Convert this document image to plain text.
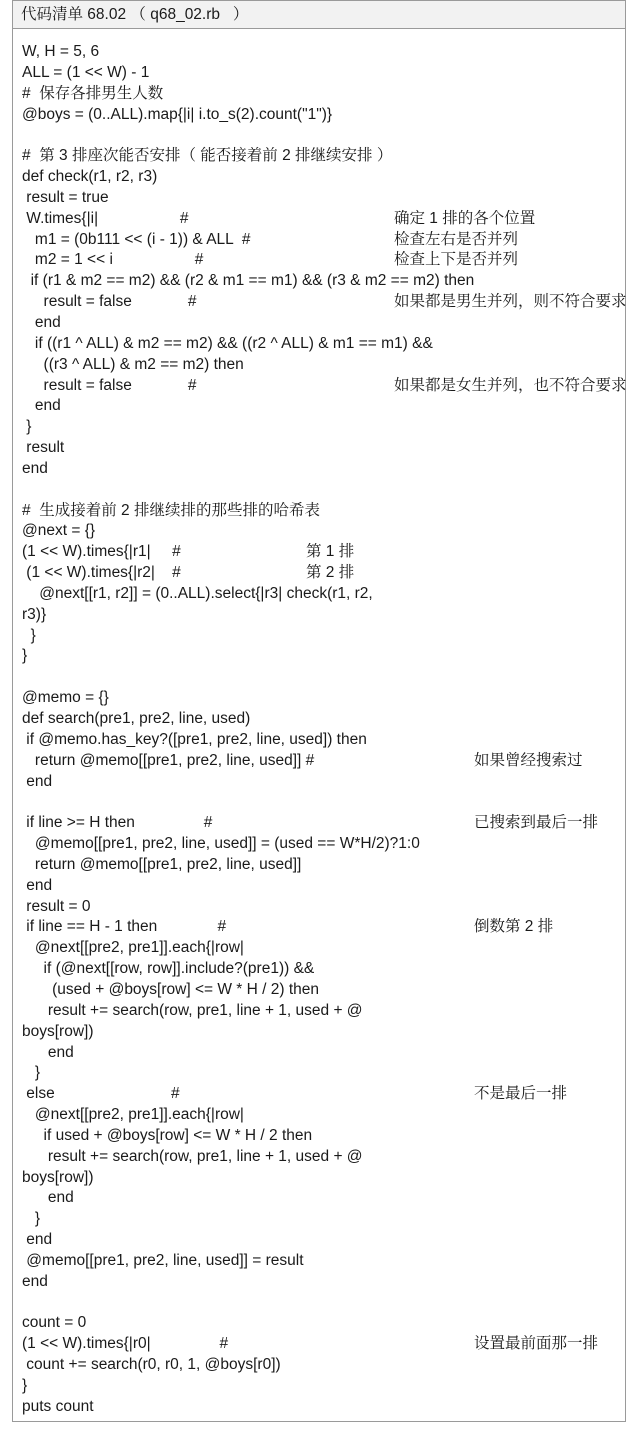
代码清单 68.02 （ q68_02.rb   ）
W, H = 5, 6
ALL = (1 << W) - 1
#  保存各排男生人数
@boys = (0..ALL).map{|i| i.to_s(2).count("1")}
#  第 3 排座次能否安排（ 能否接着前 2 排继续安排 ）
def check(r1, r2, r3)
result = true
W.times{|i|                   #	确定 1 排的各个位置
m1 = (0b111 << (i - 1)) & ALL  #	检查左右是否并列
m2 = 1 << i                   #	检查上下是否并列
if (r1 & m2 == m2) && (r2 & m1 == m1) && (r3 & m2 == m2) then
result = false             #	如果都是男生并列，则不符合要求
end
if ((r1 ^ ALL) & m2 == m2) && ((r2 ^ ALL) & m1 == m1) &&
((r3 ^ ALL) & m2 == m2) then
result = false             #	如果都是女生并列，也不符合要求
end
}
result
end
#  生成接着前 2 排继续排的那些排的哈希表
@next = {}
(1 << W).times{|r1|     #	第 1 排
(1 << W).times{|r2|    #	第 2 排
@next[[r1, r2]] = (0..ALL).select{|r3| check(r1, r2,
r3)}
}
}
@memo = {}
def search(pre1, pre2, line, used)
if @memo.has_key?([pre1, pre2, line, used]) then
return @memo[[pre1, pre2, line, used]] #	如果曾经搜索过
end
if line >= H then                #	已搜索到最后一排
@memo[[pre1, pre2, line, used]] = (used == W*H/2)?1:0
return @memo[[pre1, pre2, line, used]]
end
result = 0
if line == H - 1 then              #	倒数第 2 排
@next[[pre2, pre1]].each{|row|
if (@next[[row, row]].include?(pre1)) &&
(used + @boys[row] <= W * H / 2) then
result += search(row, pre1, line + 1, used + @
boys[row])
end
}
else                           #	不是最后一排
@next[[pre2, pre1]].each{|row|
if used + @boys[row] <= W * H / 2 then
result += search(row, pre1, line + 1, used + @
boys[row])
end
}
end
@memo[[pre1, pre2, line, used]] = result
end
count = 0
(1 << W).times{|r0|                #	设置最前面那一排
count += search(r0, r0, 1, @boys[r0])
}
puts count
